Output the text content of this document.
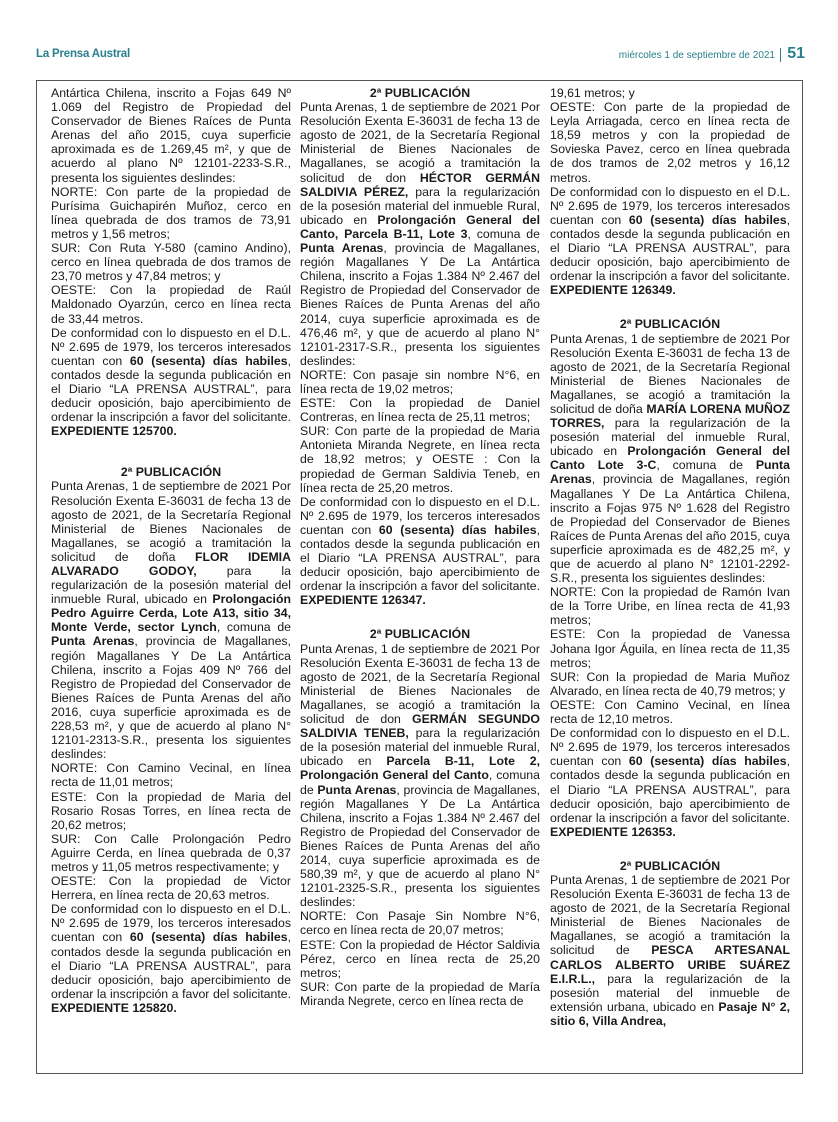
La Prensa Austral	miércoles 1 de septiembre de 2021 51

Antártica Chilena, inscrito a Fojas 649 Nº 1.069 del Registro de Propiedad del Conservador de Bienes Raíces de Punta Arenas del año 2015, cuya superficie aproximada es de 1.269,45 m², y que de acuerdo al plano Nº 12101-2233-S.R., presenta los siguientes deslindes:

NORTE: Con parte de la propiedad de Purísima Guichapirén Muñoz, cerco en línea quebrada de dos tramos de 73,91 metros y 1,56 metros;

SUR: Con Ruta Y-580 (camino Andino), cerco en línea quebrada de dos tramos de 23,70 metros y 47,84 metros; y

OESTE: Con la propiedad de Raúl Maldonado Oyarzún, cerco en línea recta de 33,44 metros.

De conformidad con lo dispuesto en el D.L. Nº 2.695 de 1979, los terceros interesados cuentan con 60 (sesenta) días habiles, contados desde la segunda publicación en el Diario “LA PRENSA AUSTRAL”, para deducir oposición, bajo apercibimiento de ordenar la inscripción a favor del solicitante. EXPEDIENTE 125700.

2ª PUBLICACIÓN

Punta Arenas, 1 de septiembre de 2021 Por Resolución Exenta E-36031 de fecha 13 de agosto de 2021, de la Secretaría Regional Ministerial de Bienes Nacionales de Magallanes, se acogió a tramitación la solicitud de doña FLOR IDEMIA ALVARADO GODOY, para la regularización de la posesión material del inmueble Rural, ubicado en Prolongación Pedro Aguirre Cerda, Lote A13, sitio 34, Monte Verde, sector Lynch, comuna de Punta Arenas, provincia de Magallanes, región Magallanes Y De La Antártica Chilena, inscrito a Fojas 409 Nº 766 del Registro de Propiedad del Conservador de Bienes Raíces de Punta Arenas del año 2016, cuya superficie aproximada es de 228,53 m², y que de acuerdo al plano N° 12101-2313-S.R., presenta los siguientes deslindes:

NORTE: Con Camino Vecinal, en línea recta de 11,01 metros;

ESTE: Con la propiedad de Maria del Rosario Rosas Torres, en línea recta de 20,62 metros;

SUR: Con Calle Prolongación Pedro Aguirre Cerda, en línea quebrada de 0,37 metros y 11,05 metros respectivamente; y

OESTE: Con la propiedad de Victor Herrera, en línea recta de 20,63 metros.

De conformidad con lo dispuesto en el D.L. Nº 2.695 de 1979, los terceros interesados cuentan con 60 (sesenta) días habiles, contados desde la segunda publicación en el Diario “LA PRENSA AUSTRAL”, para deducir oposición, bajo apercibimiento de ordenar la inscripción a favor del solicitante. EXPEDIENTE 125820.

2ª PUBLICACIÓN

Punta Arenas, 1 de septiembre de 2021 Por Resolución Exenta E-36031 de fecha 13 de agosto de 2021, de la Secretaría Regional Ministerial de Bienes Nacionales de Magallanes, se acogió a tramitación la solicitud de don HÉCTOR GERMÁN SALDIVIA PÉREZ, para la regularización de la posesión material del inmueble Rural, ubicado en Prolongación General del Canto, Parcela B-11, Lote 3, comuna de Punta Arenas, provincia de Magallanes, región Magallanes Y De La Antártica Chilena, inscrito a Fojas 1.384 Nº 2.467 del Registro de Propiedad del Conservador de Bienes Raíces de Punta Arenas del año 2014, cuya superficie aproximada es de 476,46 m², y que de acuerdo al plano N° 12101-2317-S.R., presenta los siguientes deslindes:

NORTE: Con pasaje sin nombre N°6, en línea recta de 19,02 metros;

ESTE: Con la propiedad de Daniel Contreras, en línea recta de 25,11 metros;

SUR: Con parte de la propiedad de Maria Antonieta Miranda Negrete, en línea recta de 18,92 metros; y OESTE : Con la propiedad de German Saldivia Teneb, en línea recta de 25,20 metros.

De conformidad con lo dispuesto en el D.L. Nº 2.695 de 1979, los terceros interesados cuentan con 60 (sesenta) días habiles, contados desde la segunda publicación en el Diario “LA PRENSA AUSTRAL”, para deducir oposición, bajo apercibimiento de ordenar la inscripción a favor del solicitante. EXPEDIENTE 126347.

2ª PUBLICACIÓN

Punta Arenas, 1 de septiembre de 2021 Por Resolución Exenta E-36031 de fecha 13 de agosto de 2021, de la Secretaría Regional Ministerial de Bienes Nacionales de Magallanes, se acogió a tramitación la solicitud de don GERMÁN SEGUNDO SALDIVIA TENEB, para la regularización de la posesión material del inmueble Rural, ubicado en Parcela B-11, Lote 2, Prolongación General del Canto, comuna de Punta Arenas, provincia de Magallanes, región Magallanes Y De La Antártica Chilena, inscrito a Fojas 1.384 Nº 2.467 del Registro de Propiedad del Conservador de Bienes Raíces de Punta Arenas del año 2014, cuya superficie aproximada es de 580,39 m², y que de acuerdo al plano N° 12101-2325-S.R., presenta los siguientes deslindes:

NORTE: Con Pasaje Sin Nombre N°6, cerco en línea recta de 20,07 metros;

ESTE: Con la propiedad de Héctor Saldivia Pérez, cerco en línea recta de 25,20 metros;

SUR: Con parte de la propiedad de María Miranda Negrete, cerco en línea recta de

19,61 metros; y

OESTE: Con parte de la propiedad de Leyla Arriagada, cerco en línea recta de 18,59 metros y con la propiedad de Sovieska Pavez, cerco en línea quebrada de dos tramos de 2,02 metros y 16,12 metros.

De conformidad con lo dispuesto en el D.L. Nº 2.695 de 1979, los terceros interesados cuentan con 60 (sesenta) días habiles, contados desde la segunda publicación en el Diario “LA PRENSA AUSTRAL”, para deducir oposición, bajo apercibimiento de ordenar la inscripción a favor del solicitante. EXPEDIENTE 126349.

2ª PUBLICACIÓN

Punta Arenas, 1 de septiembre de 2021 Por Resolución Exenta E-36031 de fecha 13 de agosto de 2021, de la Secretaría Regional Ministerial de Bienes Nacionales de Magallanes, se acogió a tramitación la solicitud de doña MARÍA LORENA MUÑOZ TORRES, para la regularización de la posesión material del inmueble Rural, ubicado en Prolongación General del Canto Lote 3-C, comuna de Punta Arenas, provincia de Magallanes, región Magallanes Y De La Antártica Chilena, inscrito a Fojas 975 Nº 1.628 del Registro de Propiedad del Conservador de Bienes Raíces de Punta Arenas del año 2015, cuya superficie aproximada es de 482,25 m², y que de acuerdo al plano N° 12101-2292-S.R., presenta los siguientes deslindes:

NORTE: Con la propiedad de Ramón Ivan de la Torre Uribe, en línea recta de 41,93 metros;

ESTE: Con la propiedad de Vanessa Johana Igor Águila, en línea recta de 11,35 metros;

SUR: Con la propiedad de Maria Muñoz Alvarado, en línea recta de 40,79 metros; y

OESTE: Con Camino Vecinal, en línea recta de 12,10 metros.

De conformidad con lo dispuesto en el D.L. Nº 2.695 de 1979, los terceros interesados cuentan con 60 (sesenta) días habiles, contados desde la segunda publicación en el Diario “LA PRENSA AUSTRAL”, para deducir oposición, bajo apercibimiento de ordenar la inscripción a favor del solicitante. EXPEDIENTE 126353.

2ª PUBLICACIÓN

Punta Arenas, 1 de septiembre de 2021 Por Resolución Exenta E-36031 de fecha 13 de agosto de 2021, de la Secretaría Regional Ministerial de Bienes Nacionales de Magallanes, se acogió a tramitación la solicitud de PESCA ARTESANAL CARLOS ALBERTO URIBE SUÁREZ E.I.R.L., para la regularización de la posesión material del inmueble de extensión urbana, ubicado en Pasaje N° 2, sitio 6, Villa Andrea,
